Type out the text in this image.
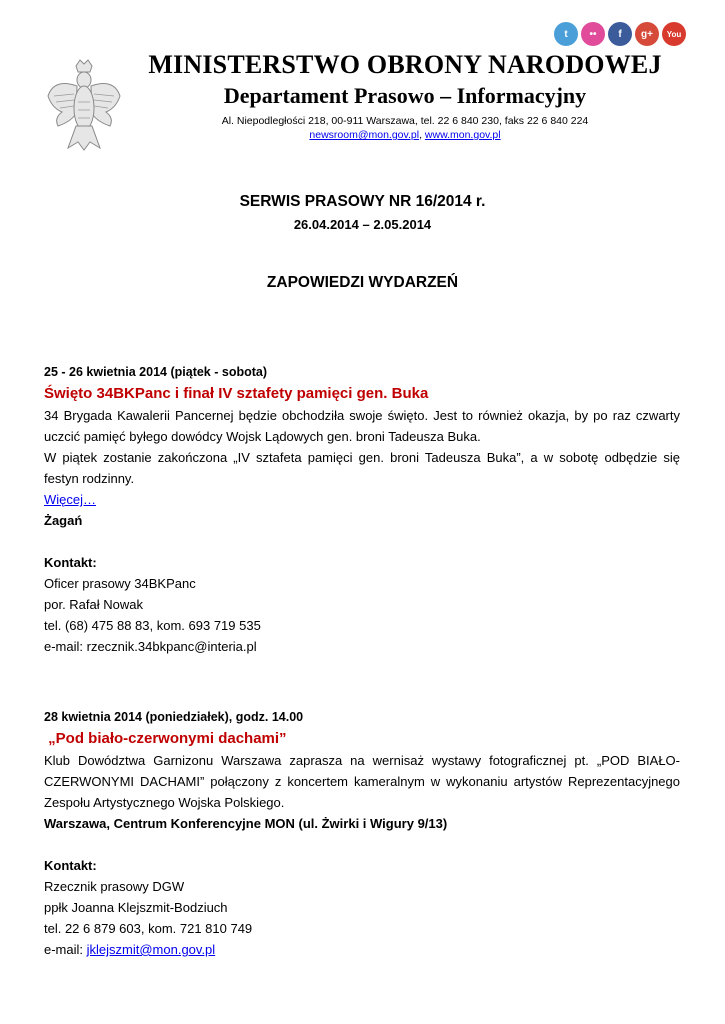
t	••	f	g+	You
MINISTERSTWO OBRONY NARODOWEJ
Departament Prasowo – Informacyjny
Al. Niepodległości 218, 00-911 Warszawa, tel. 22 6 840 230, faks 22 6 840 224
newsroom@mon.gov.pl, www.mon.gov.pl
SERWIS PRASOWY NR 16/2014 r.
26.04.2014 – 2.05.2014
ZAPOWIEDZI WYDARZEŃ
25 - 26 kwietnia 2014 (piątek - sobota)
Święto 34BKPanc i finał IV sztafety pamięci gen. Buka
34 Brygada Kawalerii Pancernej będzie obchodziła swoje święto. Jest to również okazja, by po raz czwarty uczcić pamięć byłego dowódcy Wojsk Lądowych gen. broni Tadeusza Buka.
W piątek zostanie zakończona „IV sztafeta pamięci gen. broni Tadeusza Buka”, a w sobotę odbędzie się festyn rodzinny.
Więcej…
Żagań
Kontakt:
Oficer prasowy 34BKPanc
por. Rafał Nowak
tel. (68) 475 88 83, kom. 693 719 535
e-mail: rzecznik.34bkpanc@interia.pl
28 kwietnia 2014 (poniedziałek), godz. 14.00
„Pod biało-czerwonymi dachami”
Klub Dowództwa Garnizonu Warszawa zaprasza na wernisaż wystawy fotograficznej pt. „POD BIAŁO-CZERWONYMI DACHAMI” połączony z koncertem kameralnym w wykonaniu artystów Reprezentacyjnego Zespołu Artystycznego Wojska Polskiego.
Warszawa, Centrum Konferencyjne MON (ul. Żwirki i Wigury 9/13)
Kontakt:
Rzecznik prasowy DGW
ppłk Joanna Klejszmit-Bodziuch
tel. 22 6 879 603, kom. 721 810 749
e-mail: jklejszmit@mon.gov.pl
